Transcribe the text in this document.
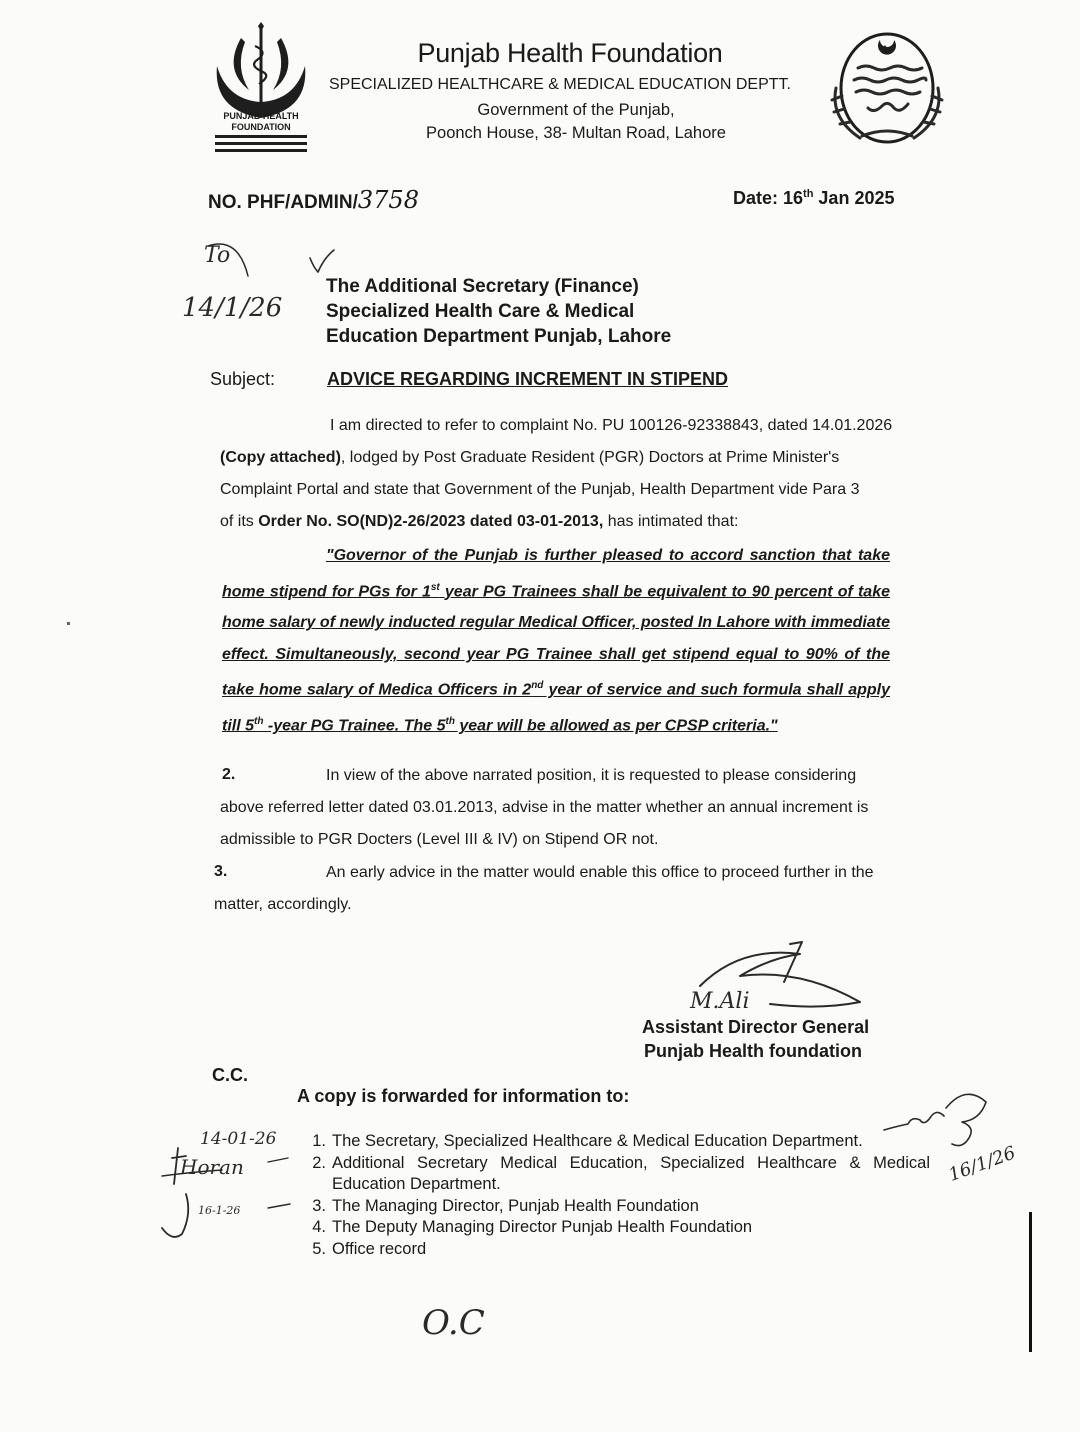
PUNJAB HEALTH
FOUNDATION
Punjab Health Foundation
SPECIALIZED HEALTHCARE & MEDICAL EDUCATION DEPTT.
Government of the Punjab,
Poonch House, 38- Multan Road, Lahore
NO. PHF/ADMIN/3758	Date: 16th Jan 2025
To
14/1/26
The Additional Secretary (Finance)
Specialized Health Care & Medical
Education Department Punjab, Lahore
Subject:	ADVICE REGARDING INCREMENT IN STIPEND
I am directed to refer to complaint No. PU 100126-92338843, dated 14.01.2026
(Copy attached), lodged by Post Graduate Resident (PGR) Doctors at Prime Minister's
Complaint Portal and state that Government of the Punjab, Health Department vide Para 3
of its Order No. SO(ND)2-26/2023 dated 03-01-2013, has intimated that:
"Governor of the Punjab is further pleased to accord sanction that take home stipend for PGs for 1st year PG Trainees shall be equivalent to 90 percent of take home salary of newly inducted regular Medical Officer, posted In Lahore with immediate effect. Simultaneously, second year PG Trainee shall get stipend equal to 90% of the take home salary of Medica Officers in 2nd year of service and such formula shall apply till 5th -year PG Trainee. The 5th year will be allowed as per CPSP criteria."
2.	In view of the above narrated position, it is requested to please considering
above referred letter dated 03.01.2013, advise in the matter whether an annual increment is
admissible to PGR Docters (Level III & IV) on Stipend OR not.
3.	An early advice in the matter would enable this office to proceed further in the
matter, accordingly.
M.Ali
Assistant Director General
Punjab Health foundation
C.C.
A copy is forwarded for information to:
1. The Secretary, Specialized Healthcare & Medical Education Department.
2. Additional Secretary Medical Education, Specialized Healthcare & Medical Education Department.
3. The Managing Director, Punjab Health Foundation
4. The Deputy Managing Director Punjab Health Foundation
5. Office record
14-01-26
Horan
16-1-26
16/1/26
O.C
